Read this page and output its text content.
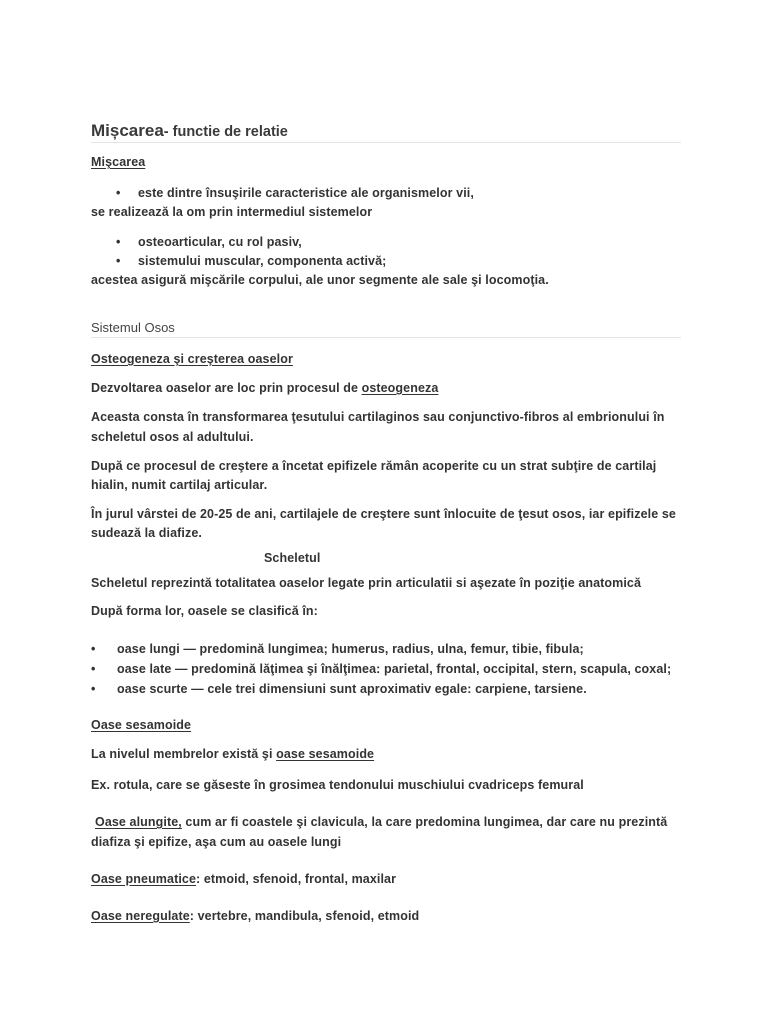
Mișcarea- functie de relatie
Mişcarea
• este dintre însuşirile caracteristice ale organismelor vii,
se realizează la om prin intermediul sistemelor
• osteoarticular, cu rol pasiv,
• sistemului muscular, componenta activă;
acestea asigură mişcările corpului, ale unor segmente ale sale şi locomoţia.
Sistemul Osos
Osteogeneza şi creşterea oaselor
Dezvoltarea oaselor are loc prin procesul de osteogeneza
Aceasta consta în transformarea ţesutului cartilaginos sau conjunctivo-fibros al embrionului în
scheletul osos al adultului.
După ce procesul de creştere a încetat epifizele rămân acoperite cu un strat subţire de cartilaj
hialin, numit cartilaj articular.
În jurul vârstei de 20-25 de ani, cartilajele de creştere sunt înlocuite de ţesut osos, iar epifizele se
sudează la diafize.
Scheletul
Scheletul reprezintă totalitatea oaselor legate prin articulatii si aşezate în poziţie anatomică
După forma lor, oasele se clasifică în:
• oase lungi — predomină lungimea; humerus, radius, ulna, femur, tibie, fibula;
• oase late — predomină lăţimea şi înălţimea: parietal, frontal, occipital, stern, scapula, coxal;
• oase scurte — cele trei dimensiuni sunt aproximativ egale: carpiene, tarsiene.
Oase sesamoide
La nivelul membrelor există şi oase sesamoide
Ex. rotula, care se găseste în grosimea tendonului muschiului cvadriceps femural
Oase alungite, cum ar fi coastele şi clavicula, la care predomina lungimea, dar care nu prezintă
diafiza şi epifize, aşa cum au oasele lungi
Oase pneumatice: etmoid, sfenoid, frontal, maxilar
Oase neregulate: vertebre, mandibula, sfenoid, etmoid
